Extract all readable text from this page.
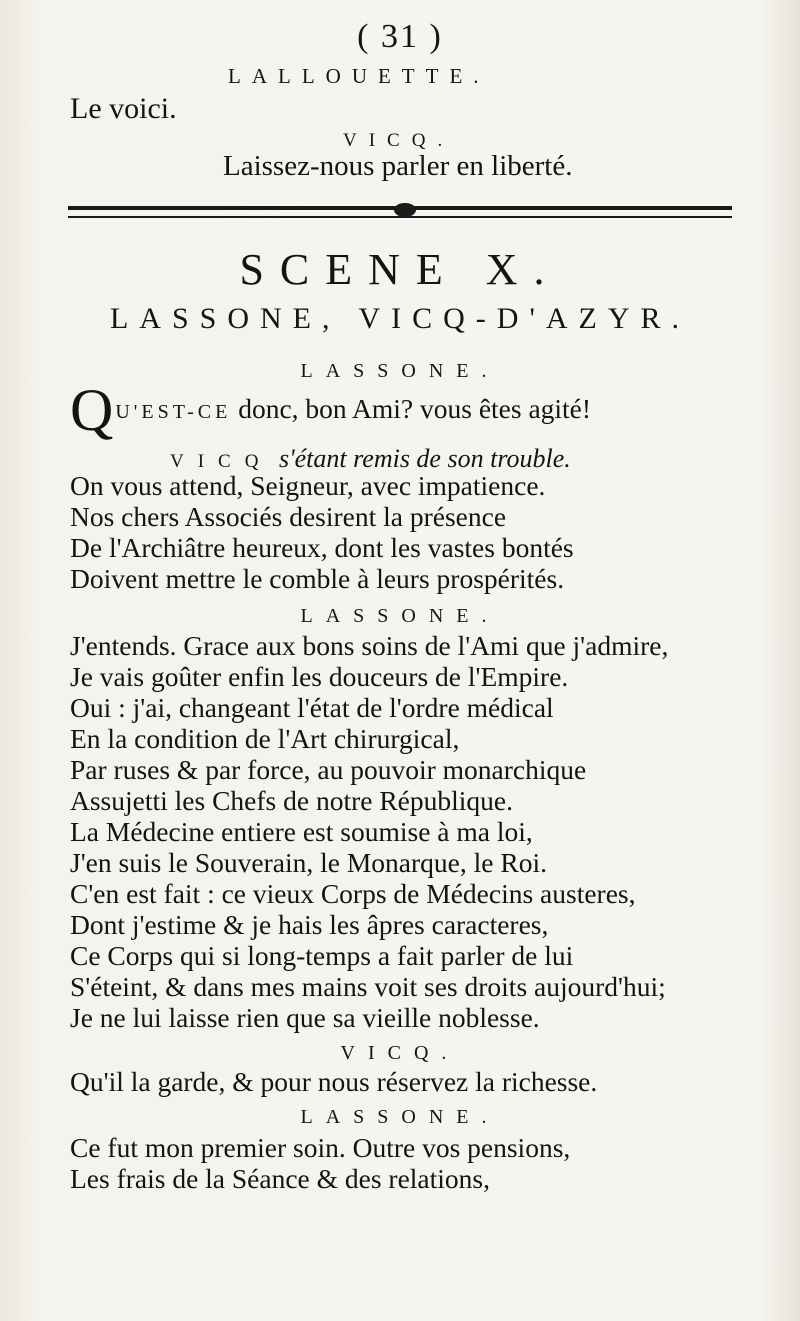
( 31 )
LALLOUETTE.
Le voici.
VICQ.
Laissez-nous parler en liberté.
SCENE X.
LASSONE, VICQ-D'AZYR.
LASSONE.
Q U'EST-CE donc, bon Ami? vous êtes agité!
VICQ s'étant remis de son trouble.
On vous attend, Seigneur, avec impatience.
Nos chers Associés desirent la présence
De l'Archiâtre heureux, dont les vastes bontés
Doivent mettre le comble à leurs prospérités.
LASSONE.
J'entends. Grace aux bons soins de l'Ami que j'admire,
Je vais goûter enfin les douceurs de l'Empire.
Oui : j'ai, changeant l'état de l'ordre médical
En la condition de l'Art chirurgical,
Par ruses & par force, au pouvoir monarchique
Assujetti les Chefs de notre République.
La Médecine entiere est soumise à ma loi,
J'en suis le Souverain, le Monarque, le Roi.
C'en est fait : ce vieux Corps de Médecins austeres,
Dont j'estime & je hais les âpres caracteres,
Ce Corps qui si long-temps a fait parler de lui
S'éteint, & dans mes mains voit ses droits aujourd'hui;
Je ne lui laisse rien que sa vieille noblesse.
VICQ.
Qu'il la garde, & pour nous réservez la richesse.
LASSONE.
Ce fut mon premier soin. Outre vos pensions,
Les frais de la Séance & des relations,
